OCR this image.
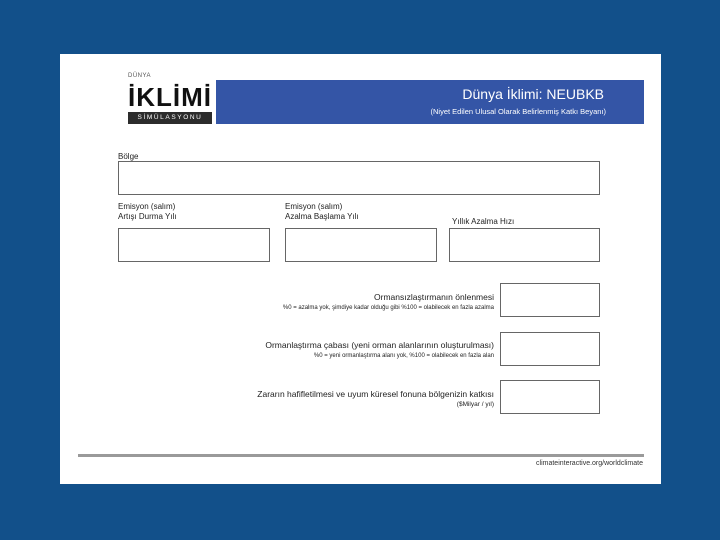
Dünya İklimi: NEUBKB
(Niyet Edilen Ulusal Olarak Belirlenmiş Katkı Beyanı)
DÜNYA
İKLİMİ
SİMÜLASYONU
Bölge
Emisyon (salım)
Artışı Durma Yılı
Emisyon (salım)
Azalma Başlama Yılı
Yıllık Azalma Hızı
Ormansızlaştırmanın önlenmesi
%0 = azalma yok, şimdiye kadar olduğu gibi %100 = olabilecek en fazla azalma
Ormanlaştırma çabası (yeni orman alanlarının oluşturulması)
%0 = yeni ormanlaştırma alanı yok, %100 = olabilecek en fazla alan
Zararın hafifletilmesi ve uyum küresel fonuna bölgenizin katkısı
($Milyar / yıl)
climateinteractive.org/worldclimate
